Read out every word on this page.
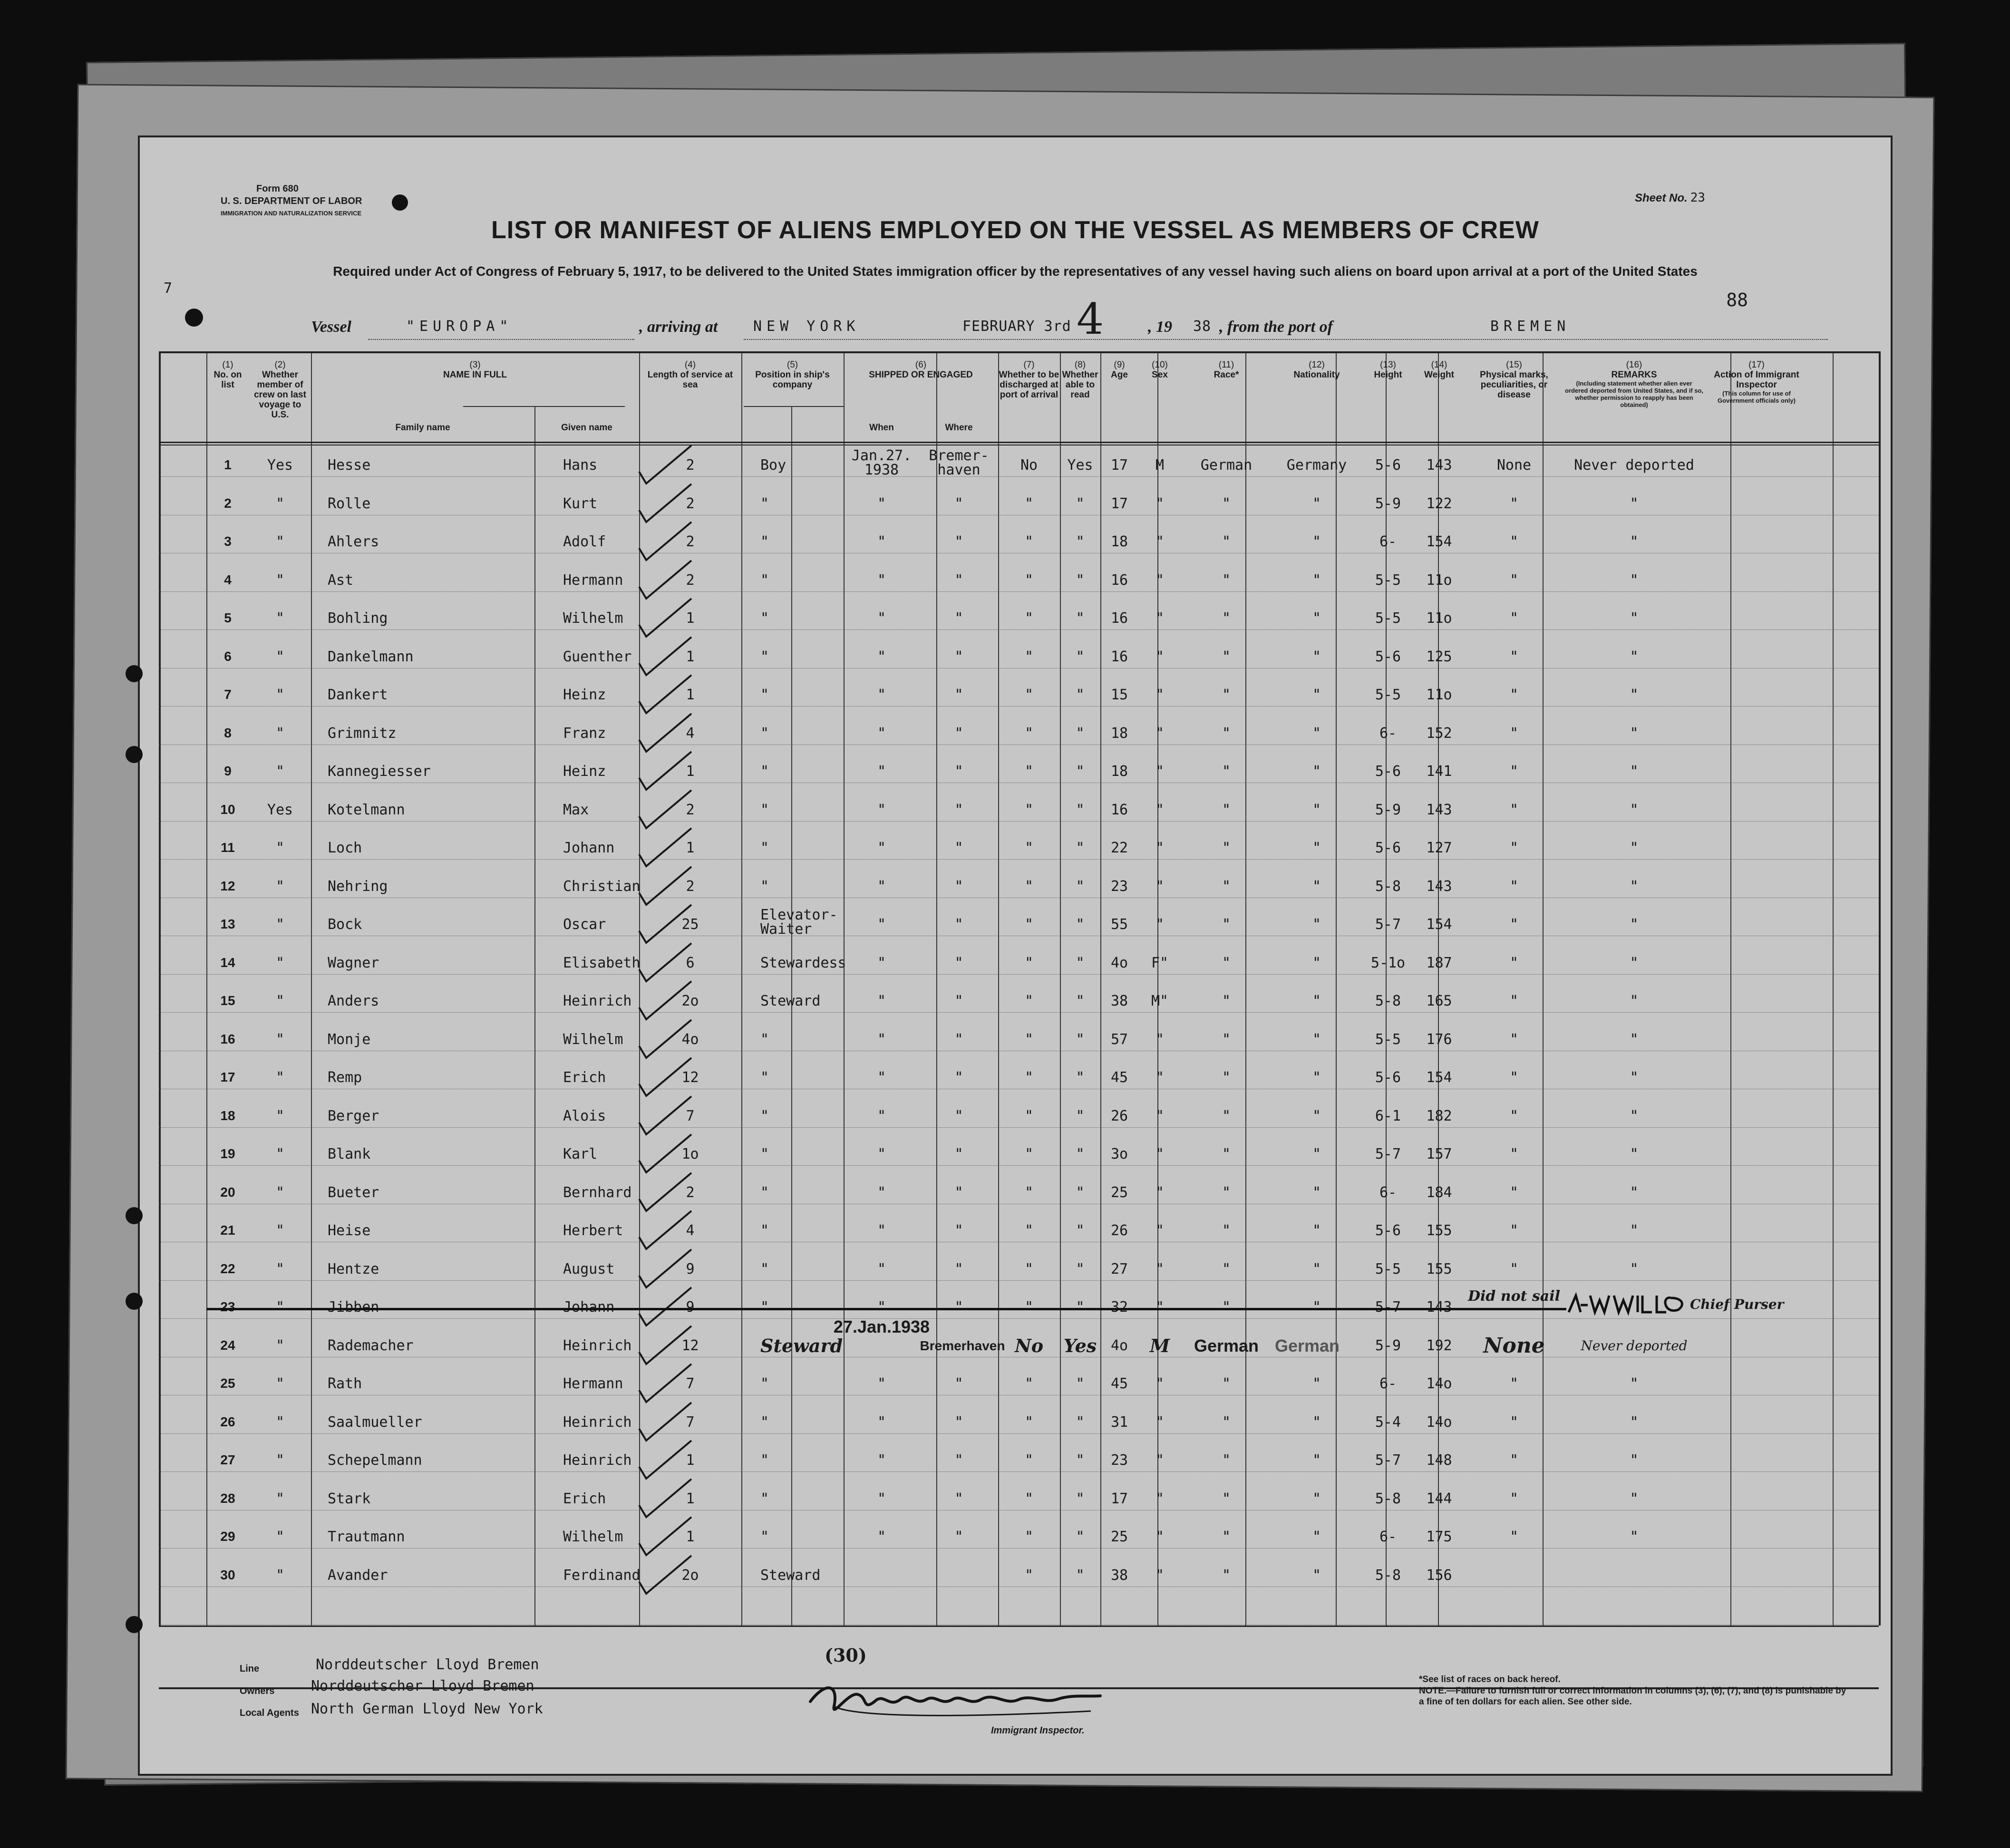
Form 680
U. S. DEPARTMENT OF LABOR
IMMIGRATION AND NATURALIZATION SERVICE
Sheet No. 23
LIST OR MANIFEST OF ALIENS EMPLOYED ON THE VESSEL AS MEMBERS OF CREW
Required under Act of Congress of February 5, 1917, to be delivered to the United States immigration officer by the representatives of any vessel having such aliens on board upon arrival at a port of the United States
7
88
4
Vessel	"EUROPA"	, arriving at NEW YORK	FEBRUARY 3rd	, 19 38 , from the port of	BREMEN
(1)
No. on list
(2)
Whether member of crew on last voyage to U.S.
(3)
NAME IN FULL
(4)
Length of service at sea
(5)
Position in ship's company
(6)
SHIPPED OR ENGAGED
(7)
Whether to be discharged at port of arrival
(8)
Whether able to read
(9)
Age
(10)
Sex
(11)
Race*
(12)
Nationality
(13)
Height
(14)
Weight
(15)
Physical marks, peculiarities, or disease
(16)
REMARKS
(Including statement whether alien ever ordered deported from United States, and if so, whether permission to reapply has been obtained)
(17)
Action of Immigrant Inspector
(This column for use of Government officials only)
Family name	Given name	When	Where
1	Yes	Hesse	Hans	2	Boy
Jan.27.
1938
Bremer-
haven	No	Yes	17	M	German	Germany	5-6	143	None	Never deported
2	"	Rolle	Kurt	2	"	"	"	"	"	17	"	"	"	5-9	122	"	"
3	"	Ahlers	Adolf	2	"	"	"	"	"	18	"	"	"	6-	154	"	"
4	"	Ast	Hermann	2	"	"	"	"	"	16	"	"	"	5-5	11o	"	"
5	"	Bohling	Wilhelm	1	"	"	"	"	"	16	"	"	"	5-5	11o	"	"
6	"	Dankelmann	Guenther	1	"	"	"	"	"	16	"	"	"	5-6	125	"	"
7	"	Dankert	Heinz	1	"	"	"	"	"	15	"	"	"	5-5	11o	"	"
8	"	Grimnitz	Franz	4	"	"	"	"	"	18	"	"	"	6-	152	"	"
9	"	Kannegiesser	Heinz	1	"	"	"	"	"	18	"	"	"	5-6	141	"	"
10	Yes	Kotelmann	Max	2	"	"	"	"	"	16	"	"	"	5-9	143	"	"
11	"	Loch	Johann	1	"	"	"	"	"	22	"	"	"	5-6	127	"	"
12	"	Nehring	Christian	2	"	"	"	"	"	23	"	"	"	5-8	143	"	"
13	"	Bock	Oscar	25
Elevator-
Waiter	"	"	"	"	55	"	"	"	5-7	154	"	"
14	"	Wagner	Elisabeth	6	Stewardess	"	"	"	"	4o	F"	"	"	5-1o	187	"	"
15	"	Anders	Heinrich	2o	Steward	"	"	"	"	38	M"	"	"	5-8	165	"	"
16	"	Monje	Wilhelm	4o	"	"	"	"	"	57	"	"	"	5-5	176	"	"
17	"	Remp	Erich	12	"	"	"	"	"	45	"	"	"	5-6	154	"	"
18	"	Berger	Alois	7	"	"	"	"	"	26	"	"	"	6-1	182	"	"
19	"	Blank	Karl	1o	"	"	"	"	"	3o	"	"	"	5-7	157	"	"
20	"	Bueter	Bernhard	2	"	"	"	"	"	25	"	"	"	6-	184	"	"
21	"	Heise	Herbert	4	"	"	"	"	"	26	"	"	"	5-6	155	"	"
22	"	Hentze	August	9	"	"	"	"	"	27	"	"	"	5-5	155	"	"
23	"	Jibben	Johann	9	"	"	"	"	"	32	"	"	"	5-7	143
Did not sail
24	"	Rademacher	Heinrich	12	Steward
27.Jan.1938
Bremerhaven No	Yes 4o	M	German German	5-9	192	None	Never deported
25	"	Rath	Hermann	7	"	"	"	"	"	45	"	"	"	6-	14o	"	"
26	"	Saalmueller	Heinrich	7	"	"	"	"	"	31	"	"	"	5-4	14o	"	"
27	"	Schepelmann	Heinrich	1	"	"	"	"	"	23	"	"	"	5-7	148	"	"
28	"	Stark	Erich	1	"	"	"	"	"	17	"	"	"	5-8	144	"	"
29	"	Trautmann	Wilhelm	1	"	"	"	"	"	25	"	"	"	6-	175	"	"
30	"	Avander	Ferdinand	2o	Steward	"	"	38	"	"	"	5-8	156
Chief Purser
(30)
Line	Norddeutscher Lloyd Bremen
Owners	Norddeutscher Lloyd Bremen
Local Agents North German Lloyd New York
Immigrant Inspector.
*See list of races on back hereof.
NOTE.—Failure to furnish full or correct information in columns (3), (6), (7), and (8) is punishable by a fine of ten dollars for each alien. See other side.
